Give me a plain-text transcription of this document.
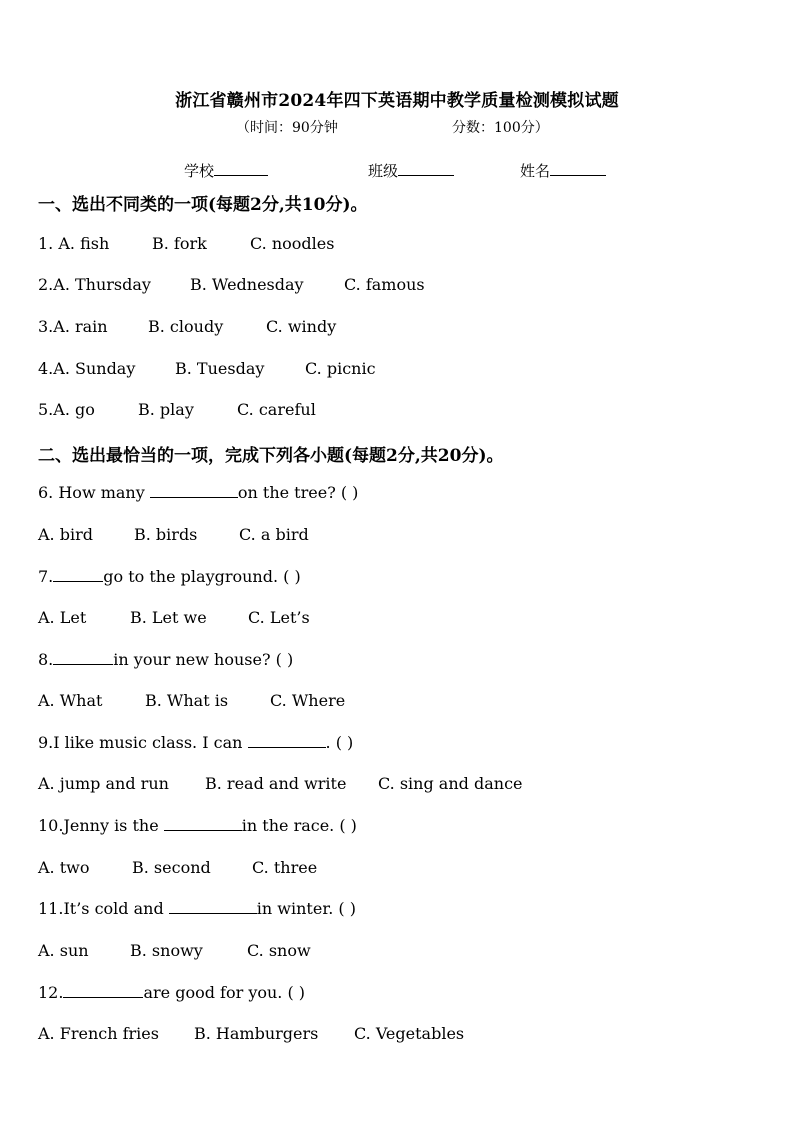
浙江省赣州市2024年四下英语期中教学质量检测模拟试题
（时间：90分钟	分数：100分）
学校	班级	姓名
一、选出不同类的一项(每题2分,共10分)。
1. A. fish	B. fork	C. noodles
2.A. Thursday B. Wednesday	C. famous
3.A. rain	B. cloudy	C. windy
4.A. Sunday B. Tuesday	C. picnic
5.A. go	B. play	C. careful
二、选出最恰当的一项，完成下列各小题(每题2分,共20分)。
6. How many	on the tree? ( )
A. bird	B. birds	C. a bird
7.	go to the playground. ( )
A. Let	B. Let we	C. Let’s
8.	in your new house? ( )
A. What	B. What is	C. Where
9.I like music class. I can	. ( )
A. jump and run B. read and write C. sing and dance
10.Jenny is the	in the race. ( )
A. two	B. second	C. three
11.It’s cold and	in winter. ( )
A. sun	B. snowy	C. snow
12.	are good for you. ( )
A. French fries B. Hamburgers C. Vegetables
